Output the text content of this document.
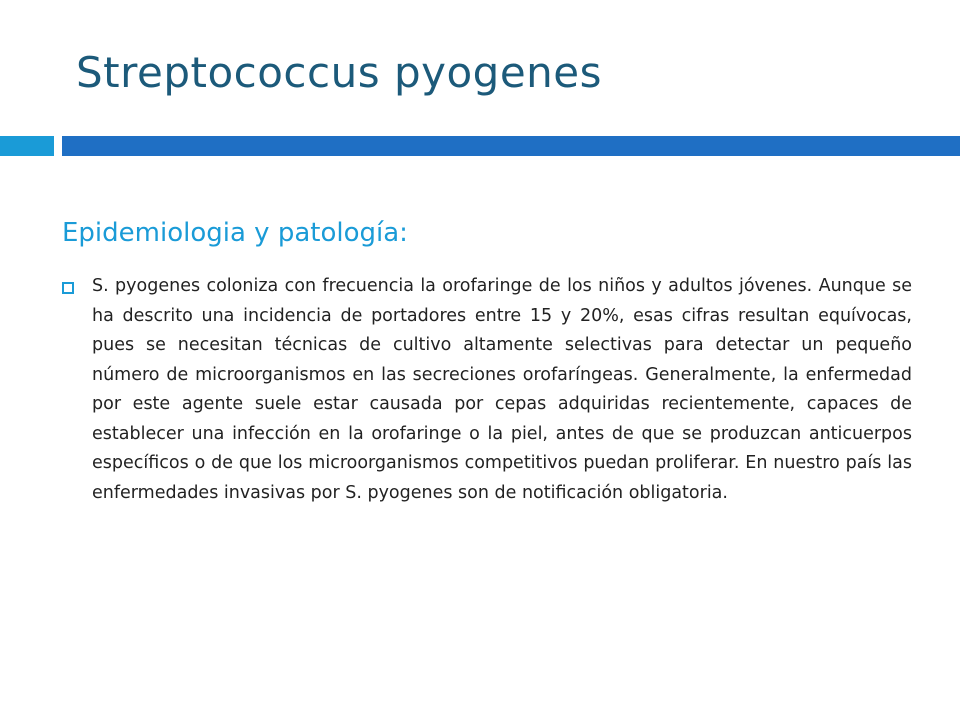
Streptococcus pyogenes
Epidemiologia y patología:

S. pyogenes coloniza con frecuencia la orofaringe de los niños y adultos jóvenes. Aunque se ha descrito una incidencia de portadores entre 15 y 20%, esas cifras resultan equívocas, pues se necesitan técnicas de cultivo altamente selectivas para detectar un pequeño número de microorganismos en las secreciones orofaríngeas. Generalmente, la enfermedad por este agente suele estar causada por cepas adquiridas recientemente, capaces de establecer una infección en la orofaringe o la piel, antes de que se produzcan anticuerpos específicos o de que los microorganismos competitivos puedan proliferar. En nuestro país las enfermedades invasivas por S. pyogenes son de notificación obligatoria.
